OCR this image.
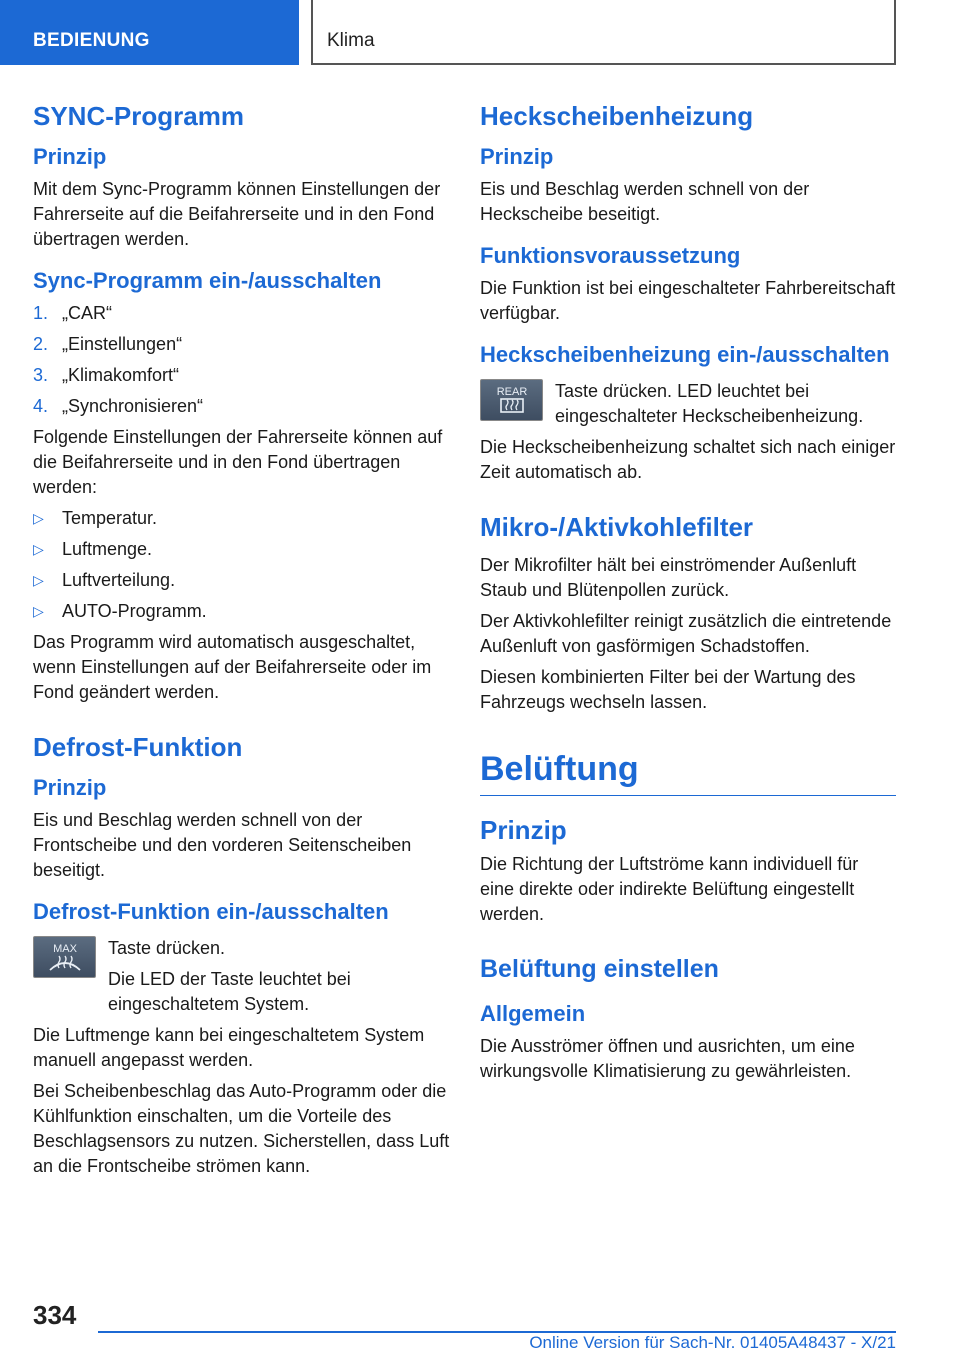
BEDIENUNG	Klima
SYNC-Programm
Prinzip

Mit dem Sync-Programm können Einstellungen der Fahrerseite auf die Beifahrerseite und in den Fond übertragen werden.

Sync-Programm ein-/ausschalten
1. „CAR“
2. „Einstellungen“
3. „Klimakomfort“
4. „Synchronisieren“

Folgende Einstellungen der Fahrerseite können auf die Beifahrerseite und in den Fond übertragen werden:

▷	Temperatur.
▷	Luftmenge.
▷	Luftverteilung.
▷	AUTO-Programm.

Das Programm wird automatisch ausgeschaltet, wenn Einstellungen auf der Beifahrerseite oder im Fond geändert werden.

Defrost-Funktion
Prinzip

Eis und Beschlag werden schnell von der Frontscheibe und den vorderen Seitenscheiben beseitigt.

Defrost-Funktion ein-/ausschalten
MAX Taste drücken.

Die LED der Taste leuchtet bei eingeschaltetem System.

Die Luftmenge kann bei eingeschaltetem System manuell angepasst werden.

Bei Scheibenbeschlag das Auto-Programm oder die Kühlfunktion einschalten, um die Vorteile des Beschlagsensors zu nutzen. Sicherstellen, dass Luft an die Frontscheibe strömen kann.

Heckscheibenheizung
Prinzip

Eis und Beschlag werden schnell von der Heckscheibe beseitigt.

Funktionsvoraussetzung

Die Funktion ist bei eingeschalteter Fahrbereitschaft verfügbar.

Heckscheibenheizung ein-/ausschalten
REAR Taste drücken. LED leuchtet bei eingeschalteter Heckscheibenheizung.

Die Heckscheibenheizung schaltet sich nach einiger Zeit automatisch ab.

Mikro-/Aktivkohlefilter

Der Mikrofilter hält bei einströmender Außenluft Staub und Blütenpollen zurück.

Der Aktivkohlefilter reinigt zusätzlich die eintretende Außenluft von gasförmigen Schadstoffen.

Diesen kombinierten Filter bei der Wartung des Fahrzeugs wechseln lassen.

Belüftung
Prinzip

Die Richtung der Luftströme kann individuell für eine direkte oder indirekte Belüftung eingestellt werden.

Belüftung einstellen
Allgemein

Die Ausströmer öffnen und ausrichten, um eine wirkungsvolle Klimatisierung zu gewährleisten.

334
Online Version für Sach-Nr. 01405A48437 - X/21
